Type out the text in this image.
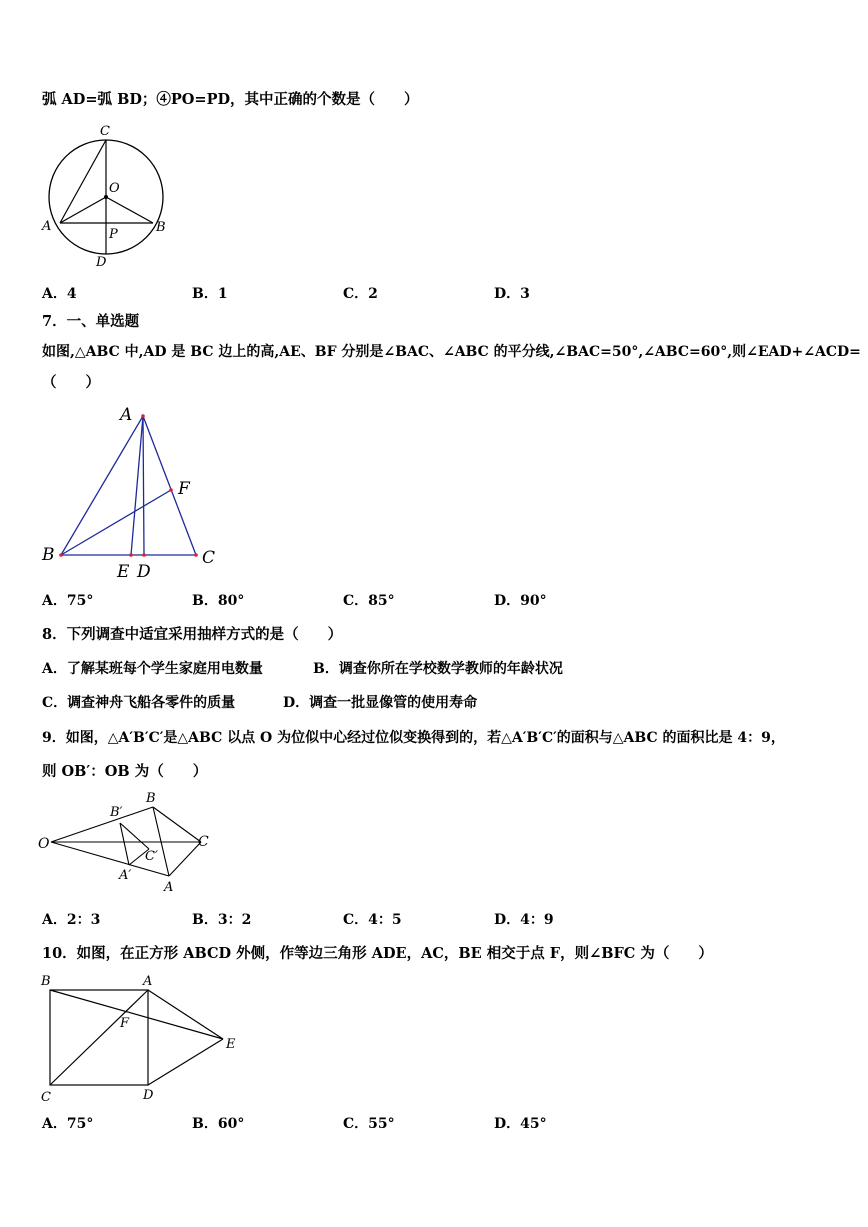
弧 AD=弧 BD；④PO=PD，其中正确的个数是（　　）
C
O
A	B
P
D
A．4	B．1	C．2	D．3
7．一、单选题
如图,△ABC 中,AD 是 BC 边上的高,AE、BF 分别是∠BAC、∠ABC 的平分线,∠BAC=50°,∠ABC=60°,则∠EAD+∠ACD=
（　　）
A
F
B	C
E D
A．75°	B．80°	C．85°	D．90°
8．下列调查中适宜采用抽样方式的是（　　）
A．了解某班每个学生家庭用电数量	B．调查你所在学校数学教师的年龄状况
C．调查神舟飞船各零件的质量	D．调查一批显像管的使用寿命
9．如图，△A′B′C′是△ABC 以点 O 为位似中心经过位似变换得到的，若△A′B′C′的面积与△ABC 的面积比是 4：9，
则 OB′：OB 为（　　）
O
B′
B
C
C′
A′
A
A．2：3	B．3：2	C．4：5	D．4：9
10．如图，在正方形 ABCD 外侧，作等边三角形 ADE，AC，BE 相交于点 F，则∠BFC 为（　　）
B	A
F
E
C	D
A．75°	B．60°	C．55°	D．45°
